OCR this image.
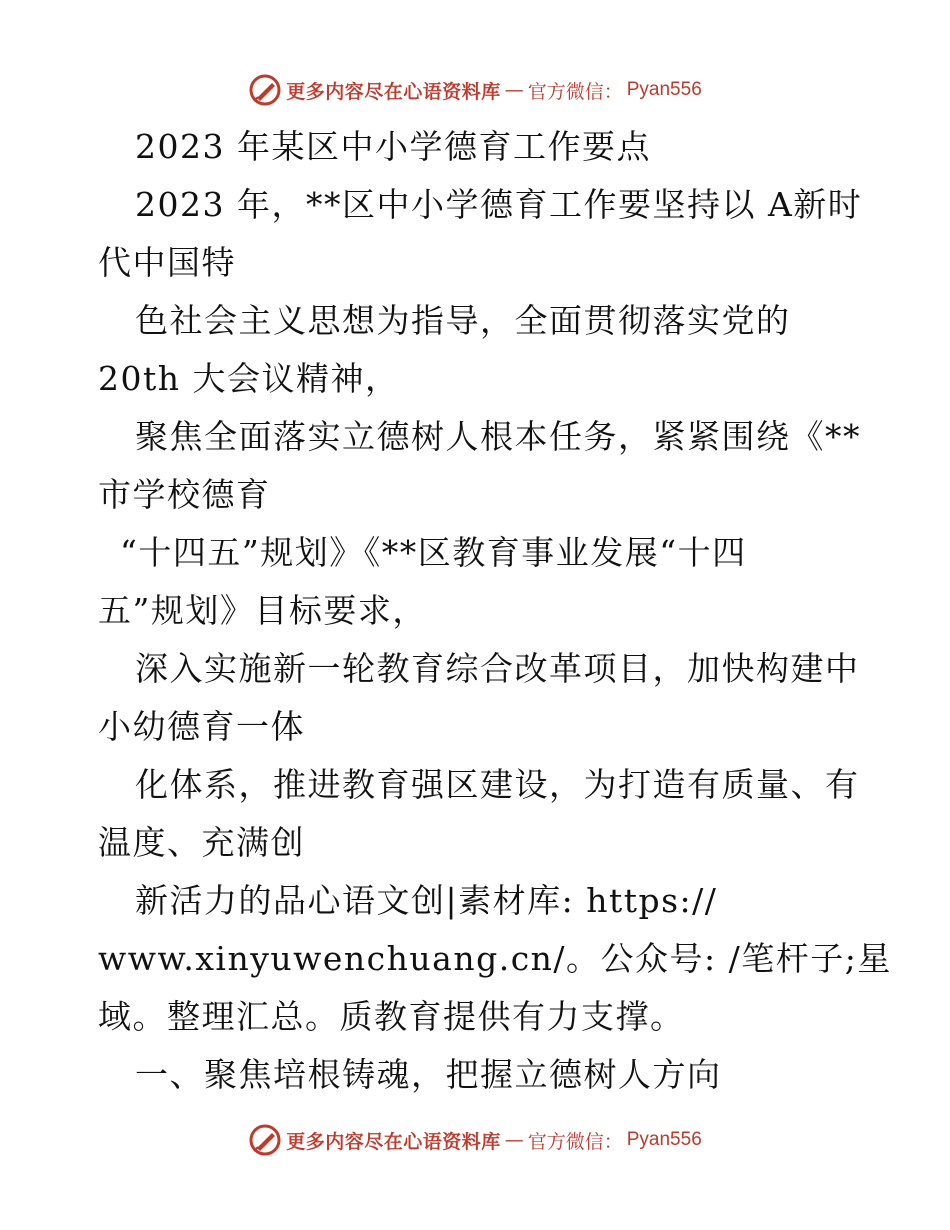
更多内容尽在心语资料库 — 官方微信： Pyan556
2023 年某区中小学德育工作要点
2023 年，**区中小学德育工作要坚持以 A新时
代中国特
色社会主义思想为指导，全面贯彻落实党的
20th 大会议精神，
聚焦全面落实立德树人根本任务，紧紧围绕《**
市学校德育
“十四五”规划》《**区教育事业发展“十四
五”规划》目标要求，
深入实施新一轮教育综合改革项目，加快构建中
小幼德育一体
化体系，推进教育强区建设，为打造有质量、有
温度、充满创
新活力的品心语文创|素材库: https://
www.xinyuwenchuang.cn/。公众号: /笔杆子;星
域。整理汇总。质教育提供有力支撑。
一、聚焦培根铸魂，把握立德树人方向
更多内容尽在心语资料库 — 官方微信： Pyan556
